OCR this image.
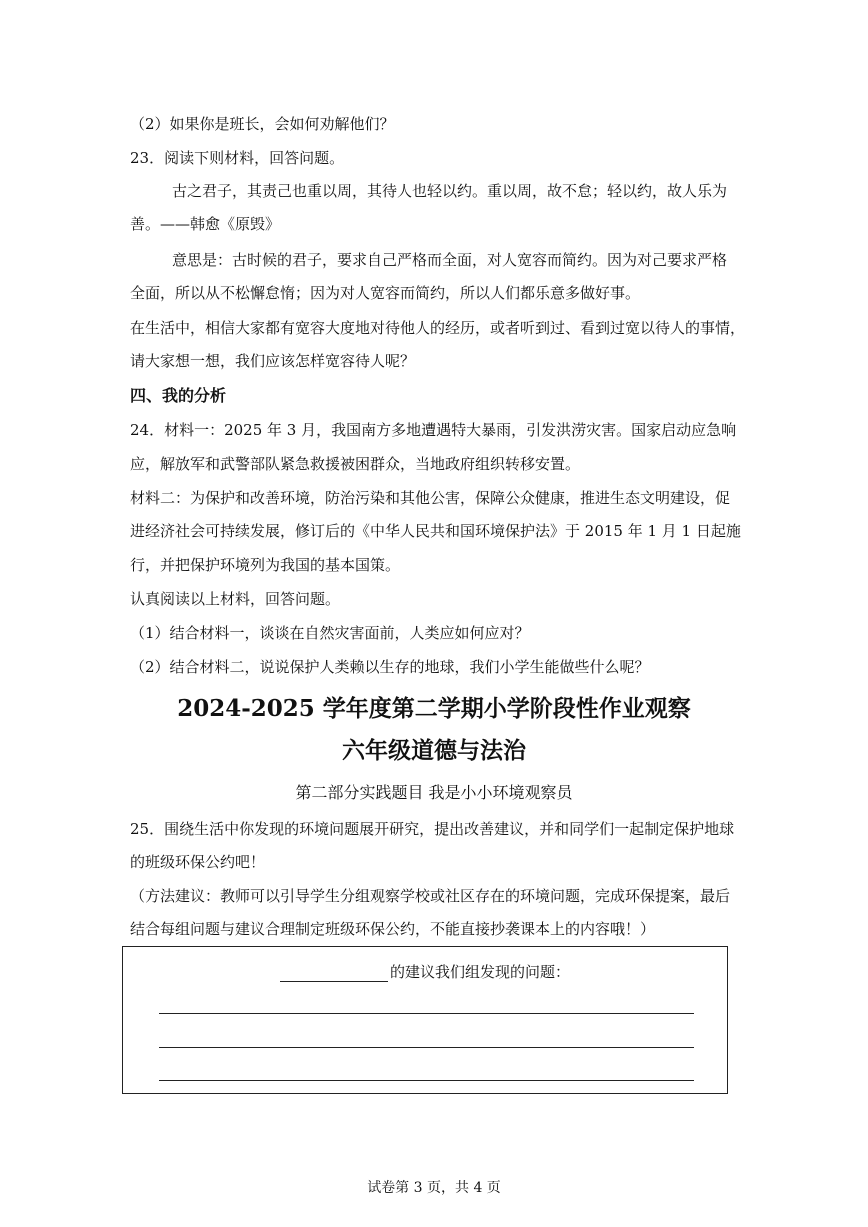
（2）如果你是班长，会如何劝解他们？
23．阅读下则材料，回答问题。
古之君子，其责己也重以周，其待人也轻以约。重以周，故不怠；轻以约，故人乐为
善。——韩愈《原毁》
意思是：古时候的君子，要求自己严格而全面，对人宽容而简约。因为对己要求严格
全面，所以从不松懈怠惰；因为对人宽容而简约，所以人们都乐意多做好事。
在生活中，相信大家都有宽容大度地对待他人的经历，或者听到过、看到过宽以待人的事情，
请大家想一想，我们应该怎样宽容待人呢？
四、我的分析
24．材料一：2025 年 3 月，我国南方多地遭遇特大暴雨，引发洪涝灾害。国家启动应急响
应，解放军和武警部队紧急救援被困群众，当地政府组织转移安置。
材料二：为保护和改善环境，防治污染和其他公害，保障公众健康，推进生态文明建设，促
进经济社会可持续发展，修订后的《中华人民共和国环境保护法》于 2015 年 1 月 1 日起施
行，并把保护环境列为我国的基本国策。
认真阅读以上材料，回答问题。
（1）结合材料一，谈谈在自然灾害面前，人类应如何应对？
（2）结合材料二，说说保护人类赖以生存的地球，我们小学生能做些什么呢？
2024-2025 学年度第二学期小学阶段性作业观察
六年级道德与法治
第二部分实践题目 我是小小环境观察员
25．围绕生活中你发现的环境问题展开研究，提出改善建议，并和同学们一起制定保护地球
的班级环保公约吧！
（方法建议：教师可以引导学生分组观察学校或社区存在的环境问题，完成环保提案，最后
结合每组问题与建议合理制定班级环保公约，不能直接抄袭课本上的内容哦！）
的建议我们组发现的问题：
试卷第 3 页，共 4 页
